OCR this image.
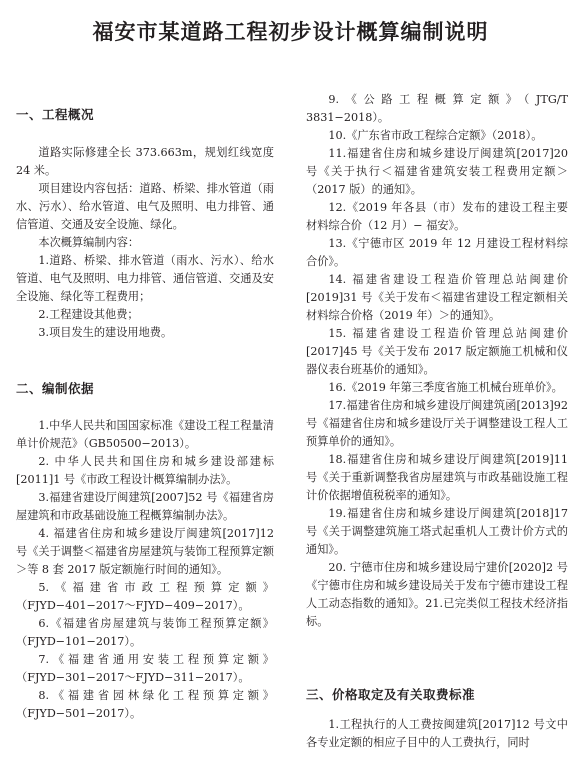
福安市某道路工程初步设计概算编制说明
一、工程概况

道路实际修建全长 373.663m，规划红线宽度 24 米。

项目建设内容包括：道路、桥梁、排水管道（雨水、污水）、给水管道、电气及照明、电力排管、通信管道、交通及安全设施、绿化。

本次概算编制内容：

1.道路、桥梁、排水管道（雨水、污水）、给水管道、电气及照明、电力排管、通信管道、交通及安全设施、绿化等工程费用；

2.工程建设其他费；

3.项目发生的建设用地费。

二、编制依据

1.中华人民共和国国家标准《建设工程工程量清单计价规范》（GB50500−2013）。

2. 中华人民共和国住房和城乡建设部建标[2011]1 号《市政工程设计概算编制办法》。

3.福建省建设厅闽建筑[2007]52 号《福建省房屋建筑和市政基础设施工程概算编制办法》。

4. 福建省住房和城乡建设厅闽建筑[2017]12 号《关于调整＜福建省房屋建筑与装饰工程预算定额＞等 8 套 2017 版定额施行时间的通知》。

5.《福建省市政工程预算定额》（FJYD−401−2017～FJYD−409−2017）。

6.《福建省房屋建筑与装饰工程预算定额》（FJYD−101−2017）。

7.《福建省通用安装工程预算定额》（FJYD−301−2017～FJYD−311−2017）。

8.《福建省园林绿化工程预算定额》（FJYD−501−2017）。

9.《公路工程概算定额》（JTG/T 3831−2018）。

10.《广东省市政工程综合定额》（2018）。

11.福建省住房和城乡建设厅闽建筑[2017]20 号《关于执行＜福建省建筑安装工程费用定额＞（2017 版）的通知》。

12.《2019 年各县（市）发布的建设工程主要材料综合价（12 月）− 福安》。

13.《宁德市区 2019 年 12 月建设工程材料综合价》。

14. 福建省建设工程造价管理总站闽建价[2019]31 号《关于发布＜福建省建设工程定额相关材料综合价格（2019 年）＞的通知》。

15. 福建省建设工程造价管理总站闽建价[2017]45 号《关于发布 2017 版定额施工机械和仪器仪表台班基价的通知》。

16.《2019 年第三季度省施工机械台班单价》。

17.福建省住房和城乡建设厅闽建筑函[2013]92 号《福建省住房和城乡建设厅关于调整建设工程人工预算单价的通知》。

18.福建省住房和城乡建设厅闽建筑[2019]11 号《关于重新调整我省房屋建筑与市政基础设施工程计价依据增值税税率的通知》。

19.福建省住房和城乡建设厅闽建筑[2018]17 号《关于调整建筑施工塔式起重机人工费计价方式的通知》。

20. 宁德市住房和城乡建设局宁建价[2020]2 号《宁德市住房和城乡建设局关于发布宁德市建设工程人工动态指数的通知》。21.已完类似工程技术经济指标。

三、价格取定及有关取费标准

1.工程执行的人工费按闽建筑[2017]12 号文中各专业定额的相应子目中的人工费执行，同时
